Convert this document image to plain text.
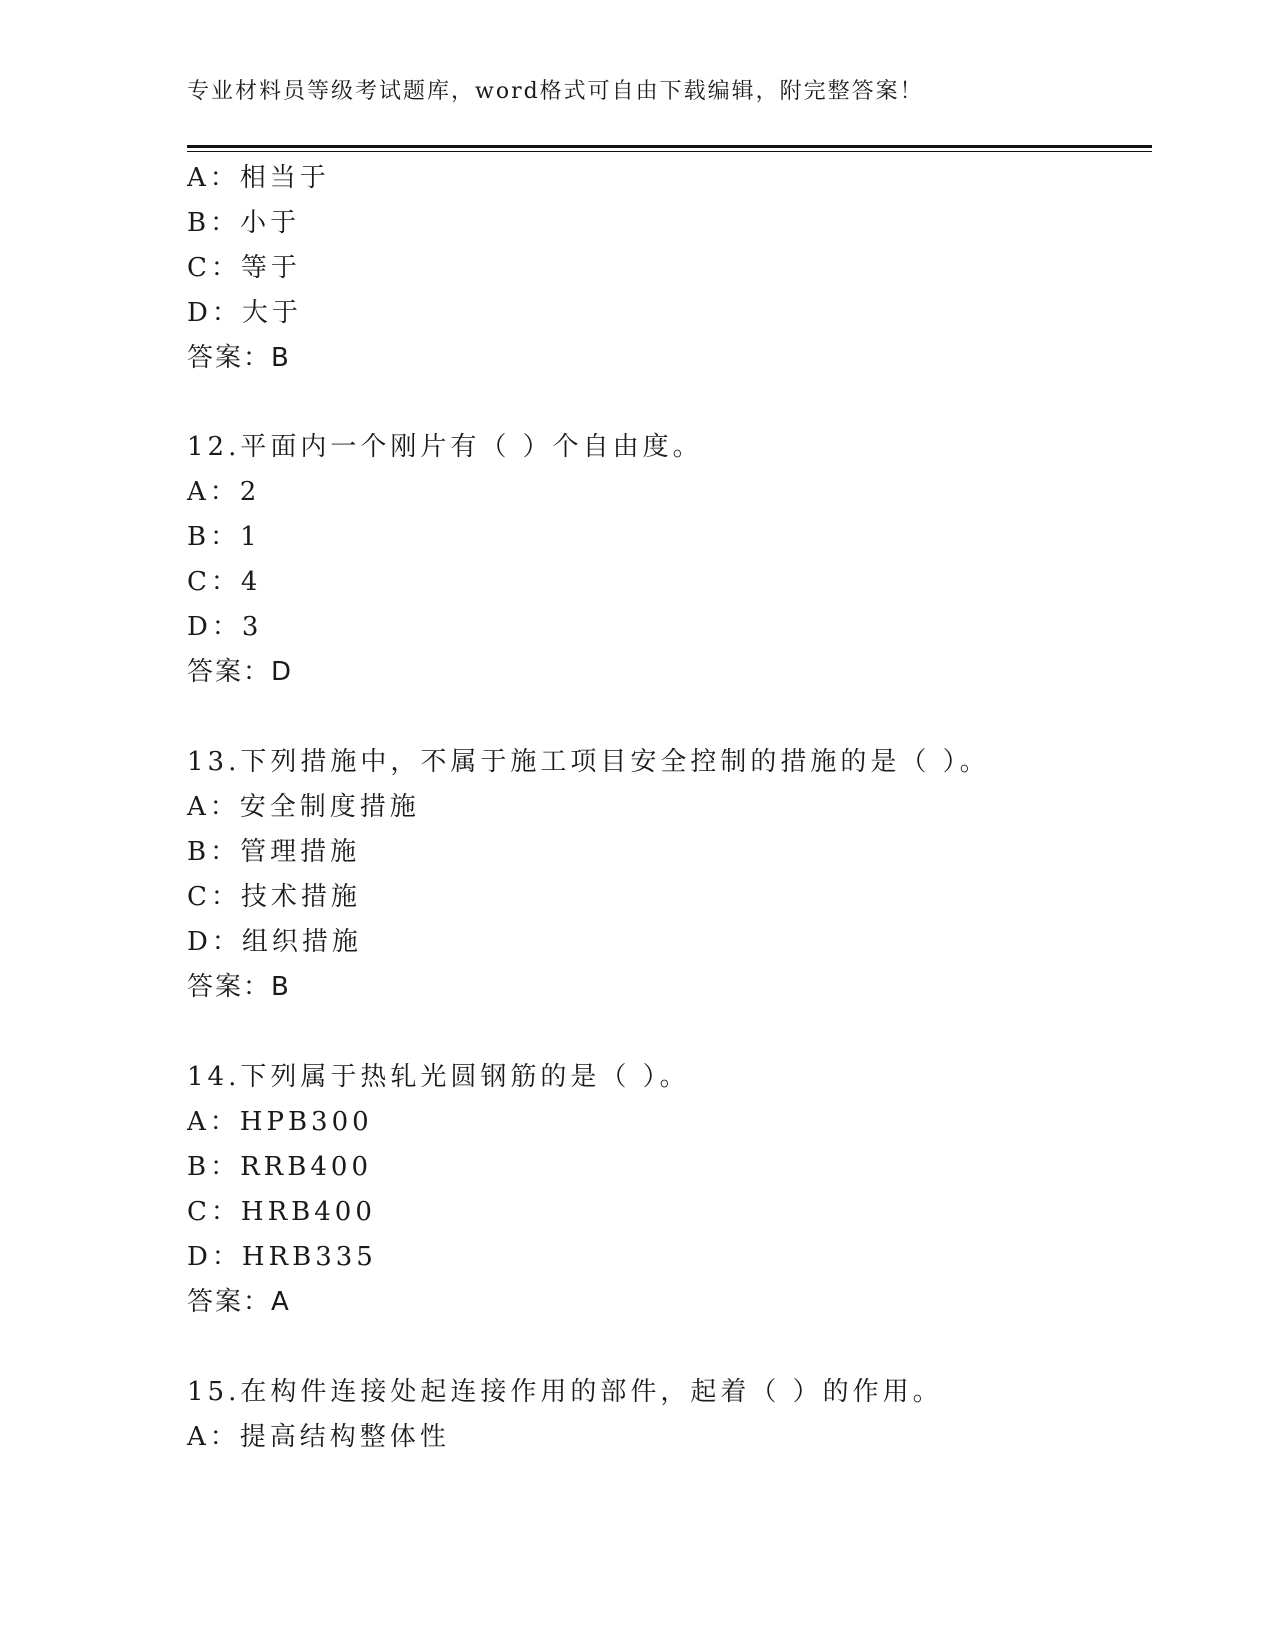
专业材料员等级考试题库，word格式可自由下载编辑，附完整答案！
A：相当于
B：小于
C：等于
D：大于
答案：B
12.平面内一个刚片有（ ）个自由度。
A：2
B：1
C：4
D：3
答案：D
13.下列措施中，不属于施工项目安全控制的措施的是（ ）。
A：安全制度措施
B：管理措施
C：技术措施
D：组织措施
答案：B
14.下列属于热轧光圆钢筋的是（ ）。
A：HPB300
B：RRB400
C：HRB400
D：HRB335
答案：A
15.在构件连接处起连接作用的部件，起着（ ）的作用。
A：提高结构整体性
